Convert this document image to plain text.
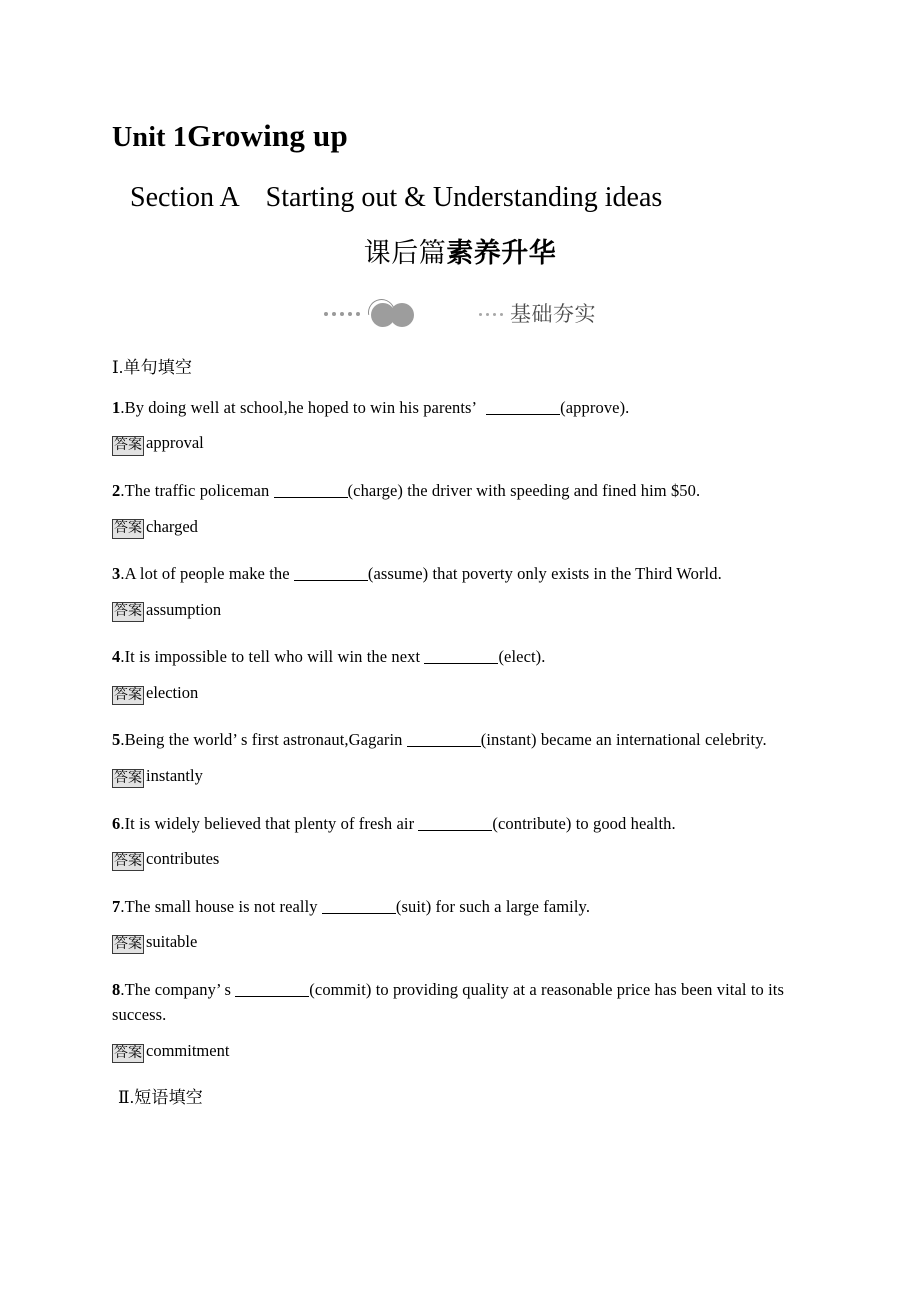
Unit 1Growing up
Section A Starting out & Understanding ideas
课后篇素养升华
基础夯实

Ⅰ.单句填空

1.By doing well at school,he hoped to win his parents’	(approve).

答案 approval

2.The traffic policeman	(charge) the driver with speeding and fined him $50.

答案 charged

3.A lot of people make the	(assume) that poverty only exists in the Third World.

答案 assumption

4.It is impossible to tell who will win the next	(elect).

答案 election

5.Being the world’ s first astronaut,Gagarin	(instant) became an international celebrity.

答案 instantly

6.It is widely believed that plenty of fresh air	(contribute) to good health.

答案 contributes

7.The small house is not really	(suit) for such a large family.

答案 suitable

8.The company’ s	(commit) to providing quality at a reasonable price has been vital to its success.

答案 commitment

Ⅱ.短语填空
